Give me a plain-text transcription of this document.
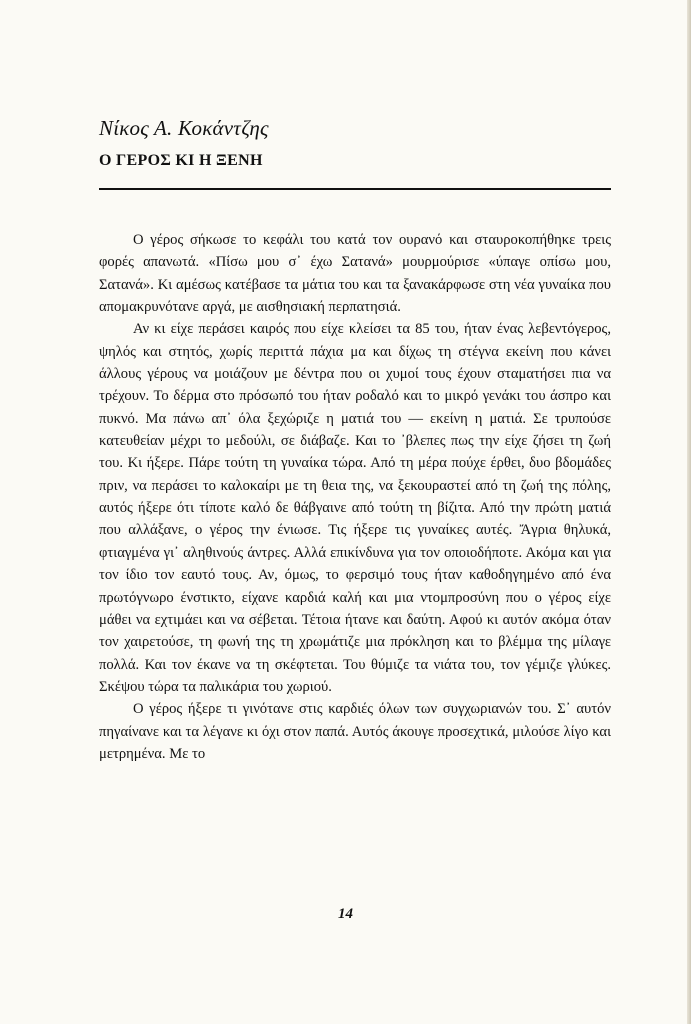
Νίκος Α. Κοκάντζης
Ο ΓΕΡΟΣ ΚΙ Η ΞΕΝΗ

Ο γέρος σήκωσε το κεφάλι του κατά τον ουρανό και σταυροκοπήθηκε τρεις φορές απανωτά. «Πίσω μου σ᾽ έχω Σατανά» μουρμούρισε «ύπαγε οπίσω μου, Σατανά». Κι αμέσως κατέβασε τα μάτια του και τα ξανακάρφωσε στη νέα γυναίκα που απομακρυνότανε αργά, με αισθησιακή περπατησιά.

Αν κι είχε περάσει καιρός που είχε κλείσει τα 85 του, ήταν ένας λεβεντόγερος, ψηλός και στητός, χωρίς περιττά πάχια μα και δίχως τη στέγνα εκείνη που κάνει άλλους γέρους να μοιάζουν με δέντρα που οι χυμοί τους έχουν σταματήσει πια να τρέχουν. Το δέρμα στο πρόσωπό του ήταν ροδαλό και το μικρό γενάκι του άσπρο και πυκνό. Μα πάνω απ᾽ όλα ξεχώριζε η ματιά του — εκείνη η ματιά. Σε τρυπούσε κατευθείαν μέχρι το μεδούλι, σε διάβαζε. Και το ᾽βλεπες πως την είχε ζήσει τη ζωή του. Κι ήξερε. Πάρε τούτη τη γυναίκα τώρα. Από τη μέρα πούχε έρθει, δυο βδομάδες πριν, να περάσει το καλοκαίρι με τη θεια της, να ξεκουραστεί από τη ζωή της πόλης, αυτός ήξερε ότι τίποτε καλό δε θάβγαινε από τούτη τη βίζιτα. Από την πρώτη ματιά που αλλάξανε, ο γέρος την ένιωσε. Τις ήξερε τις γυναίκες αυτές. Ἄγρια θηλυκά, φτιαγμένα γι᾽ αληθινούς άντρες. Αλλά επικίνδυνα για τον οποιοδήποτε. Ακόμα και για τον ίδιο τον εαυτό τους. Αν, όμως, το φερσιμό τους ήταν καθοδηγημένο από ένα πρωτόγνωρο ένστικτο, είχανε καρδιά καλή και μια ντομπροσύνη που ο γέρος είχε μάθει να εχτιμάει και να σέβεται. Τέτοια ήτανε και δαύτη. Αφού κι αυτόν ακόμα όταν τον χαιρετούσε, τη φωνή της τη χρωμάτιζε μια πρόκληση και το βλέμμα της μίλαγε πολλά. Και τον έκανε να τη σκέφτεται. Του θύμιζε τα νιάτα του, τον γέμιζε γλύκες. Σκέψου τώρα τα παλικάρια του χωριού.

Ο γέρος ήξερε τι γινότανε στις καρδιές όλων των συγχωριανών του. Σ᾽ αυτόν πηγαίνανε και τα λέγανε κι όχι στον παπά. Αυτός άκουγε προσεχτικά, μιλούσε λίγο και μετρημένα. Με το

14
